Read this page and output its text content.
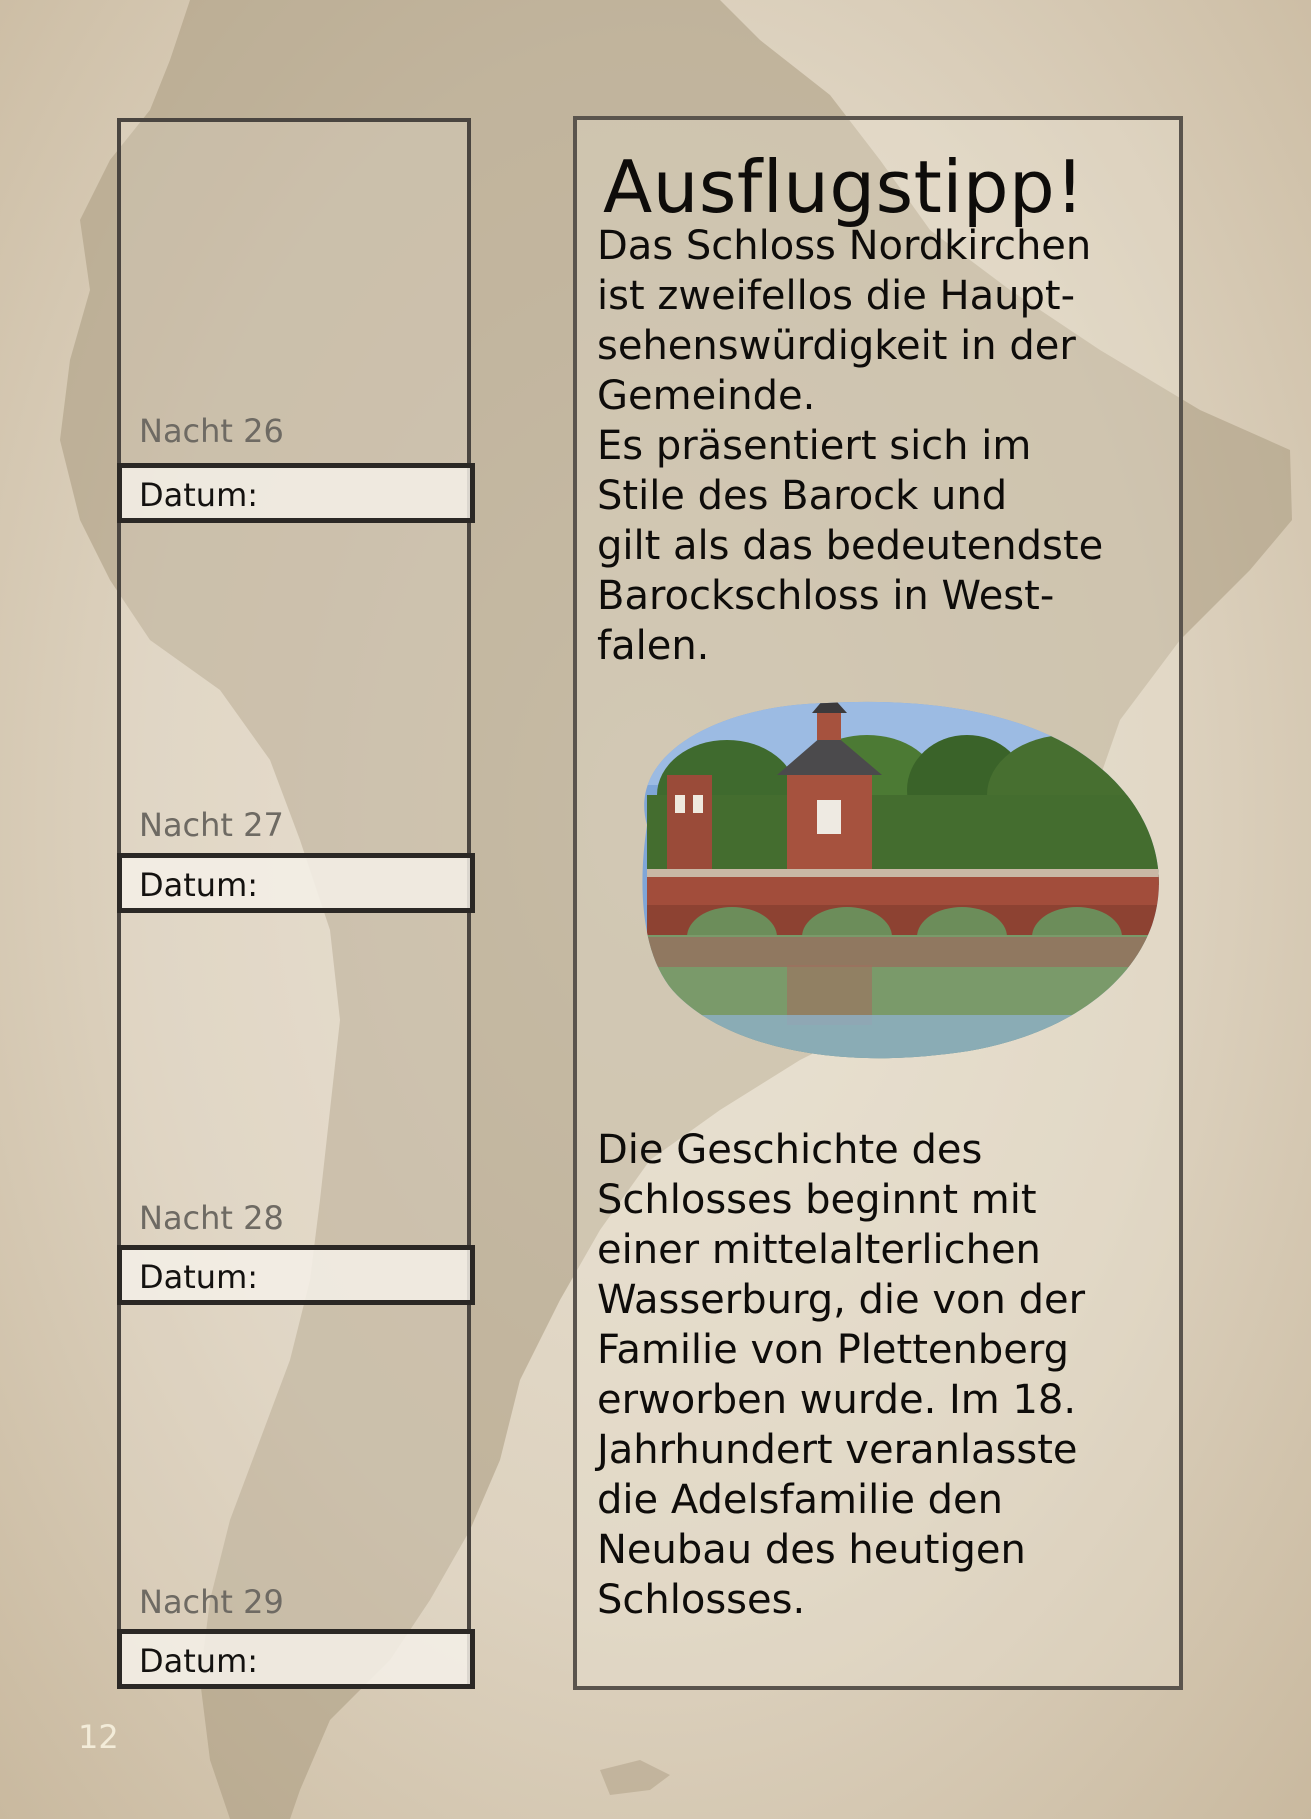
Nacht 26
Datum:
Nacht 27
Datum:
Nacht 28
Datum:
Nacht 29
Datum:
Ausflugstipp!

Das Schloss Nordkirchen
ist zweifellos die Haupt-
sehenswürdigkeit in der
Gemeinde.
Es präsentiert sich im
Stile des Barock und
gilt als das bedeutendste
Barockschloss in West-
falen.

Die Geschichte des
Schlosses beginnt mit
einer mittelalterlichen
Wasserburg, die von der
Familie von Plettenberg
erworben wurde. Im 18.
Jahrhundert veranlasste
die Adelsfamilie den
Neubau des heutigen
Schlosses.

12
